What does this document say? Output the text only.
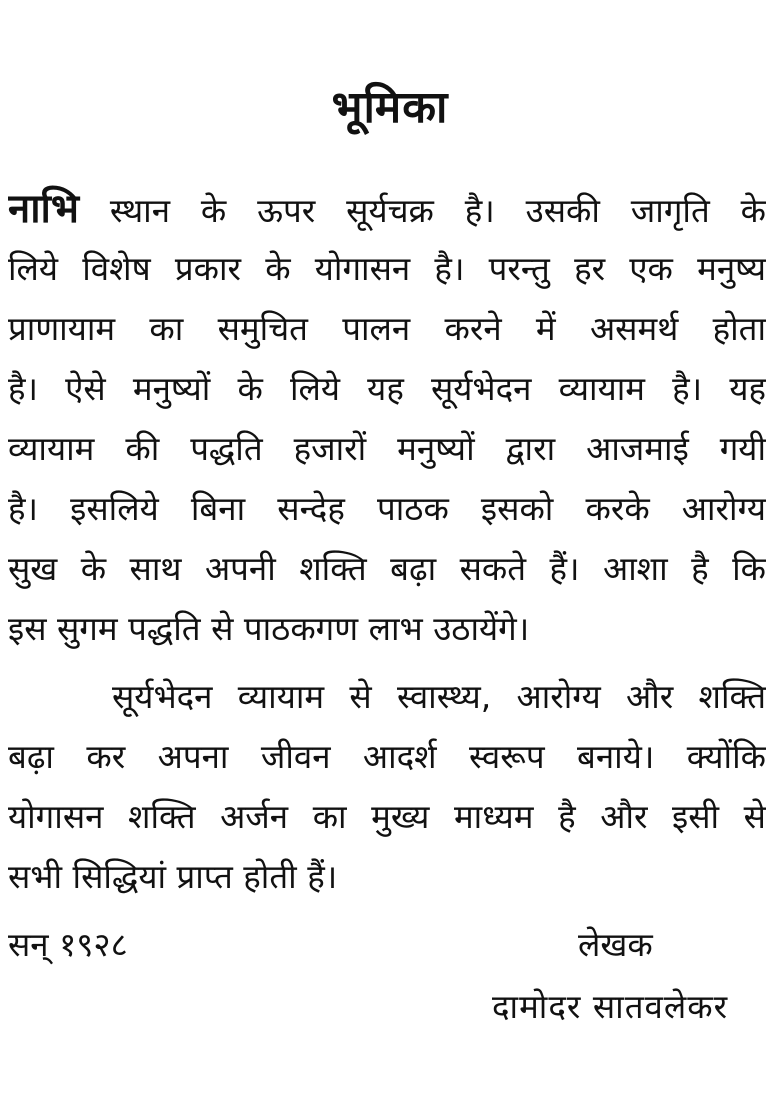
भूमिका
नाभि स्थान के ऊपर सूर्यचक्र है। उसकी जागृति के
लिये विशेष प्रकार के योगासन है। परन्तु हर एक मनुष्य
प्राणायाम का समुचित पालन करने में असमर्थ होता
है। ऐसे मनुष्यों के लिये यह सूर्यभेदन व्यायाम है। यह
व्यायाम की पद्धति हजारों मनुष्यों द्वारा आजमाई गयी
है। इसलिये बिना सन्देह पाठक इसको करके आरोग्य
सुख के साथ अपनी शक्ति बढ़ा सकते हैं। आशा है कि
इस सुगम पद्धति से पाठकगण लाभ उठायेंगे।
सूर्यभेदन व्यायाम से स्वास्थ्य, आरोग्य और शक्ति
बढ़ा कर अपना जीवन आदर्श स्वरूप बनाये। क्योंकि
योगासन शक्ति अर्जन का मुख्य माध्यम है और इसी से
सभी सिद्धियां प्राप्त होती हैं।
सन् १९२८	लेखक
दामोदर सातवलेकर
